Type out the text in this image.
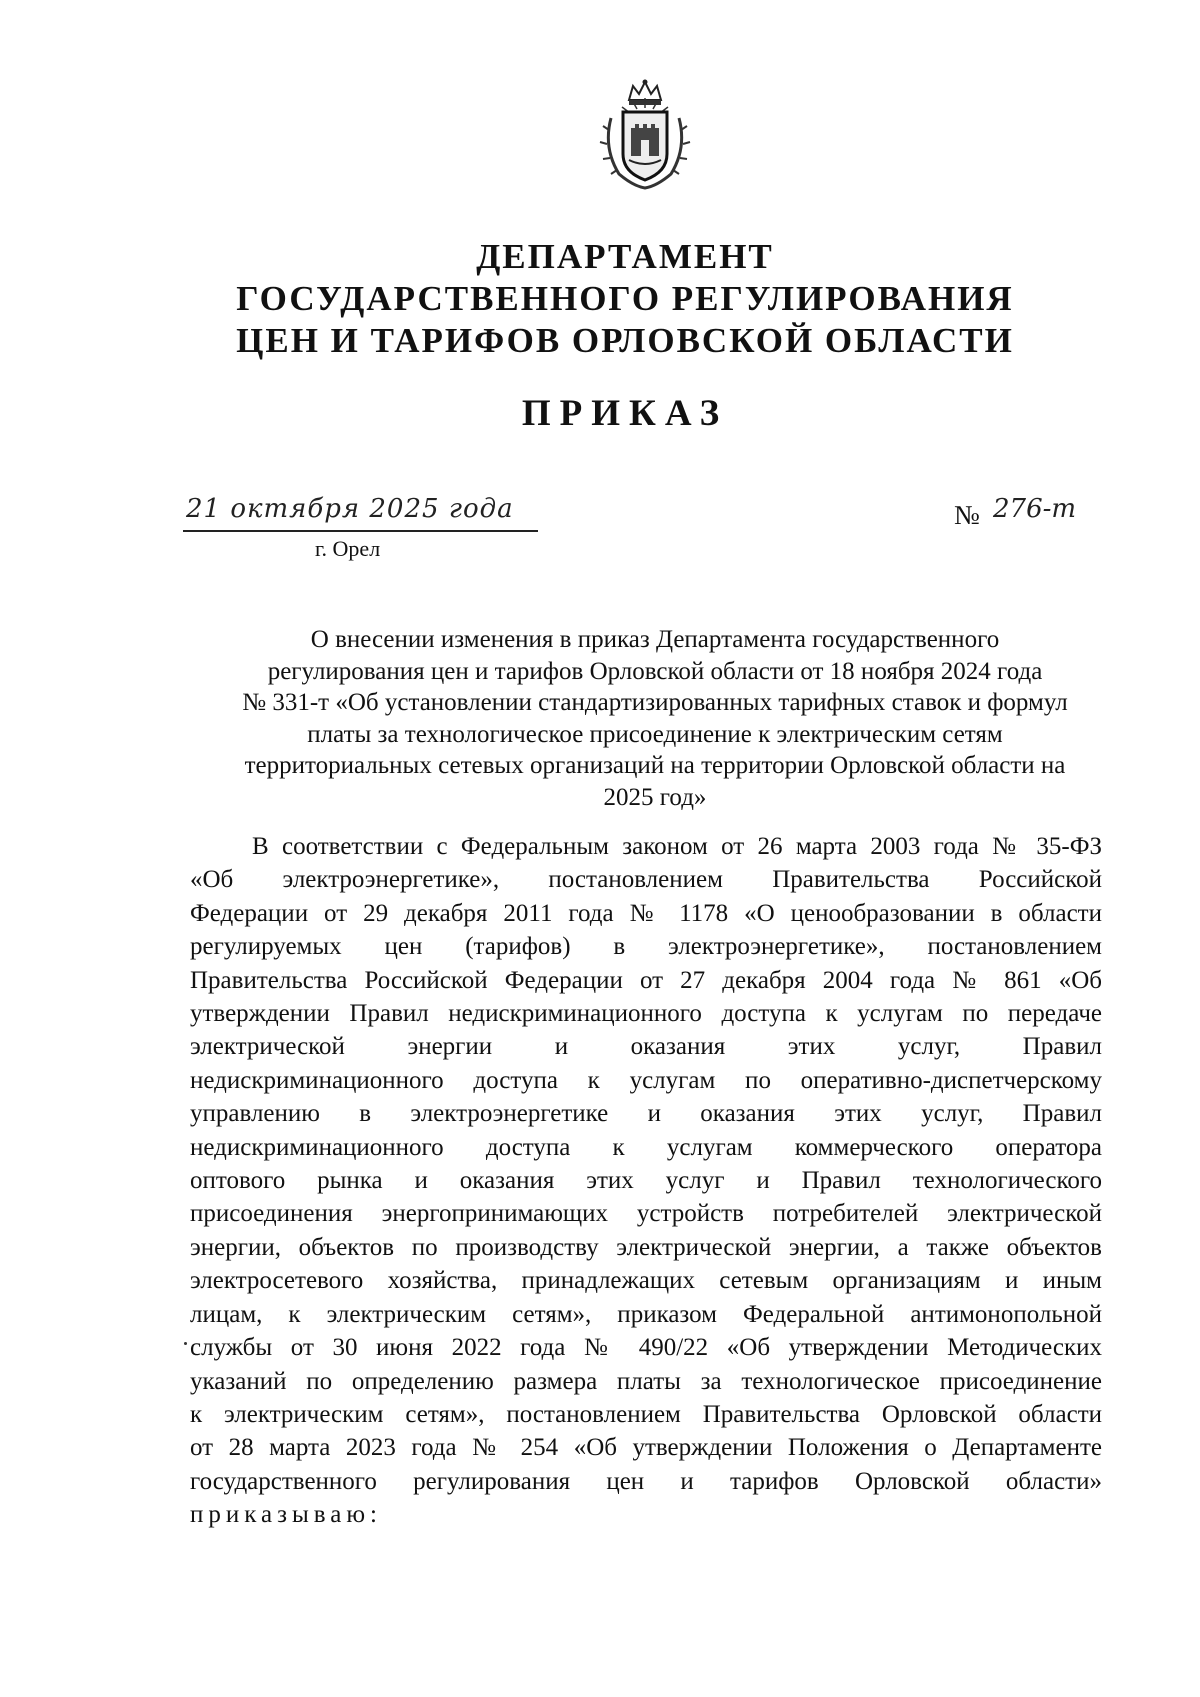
ДЕПАРТАМЕНТ
ГОСУДАРСТВЕННОГО РЕГУЛИРОВАНИЯ
ЦЕН И ТАРИФОВ ОРЛОВСКОЙ ОБЛАСТИ
ПРИКАЗ
21 октября 2025 года
г. Орел
№ 276-т
О внесении изменения в приказ Департамента государственного
регулирования цен и тарифов Орловской области от 18 ноября 2024 года
№ 331-т «Об установлении стандартизированных тарифных ставок и формул
платы за технологическое присоединение к электрическим сетям
территориальных сетевых организаций на территории Орловской области на
2025 год»
В соответствии с Федеральным законом от 26 марта 2003 года № 35-ФЗ
«Об электроэнергетике», постановлением Правительства Российской
Федерации от 29 декабря 2011 года № 1178 «О ценообразовании в области
регулируемых цен (тарифов) в электроэнергетике», постановлением
Правительства Российской Федерации от 27 декабря 2004 года № 861 «Об
утверждении Правил недискриминационного доступа к услугам по передаче
электрической энергии и оказания этих услуг, Правил
недискриминационного доступа к услугам по оперативно-диспетчерскому
управлению в электроэнергетике и оказания этих услуг, Правил
недискриминационного доступа к услугам коммерческого оператора
оптового рынка и оказания этих услуг и Правил технологического
присоединения энергопринимающих устройств потребителей электрической
энергии, объектов по производству электрической энергии, а также объектов
электросетевого хозяйства, принадлежащих сетевым организациям и иным
лицам, к электрическим сетям», приказом Федеральной антимонопольной
службы от 30 июня 2022 года № 490/22 «Об утверждении Методических
указаний по определению размера платы за технологическое присоединение
к электрическим сетям», постановлением Правительства Орловской области
от 28 марта 2023 года № 254 «Об утверждении Положения о Департаменте
государственного регулирования цен и тарифов Орловской области»
приказываю:
